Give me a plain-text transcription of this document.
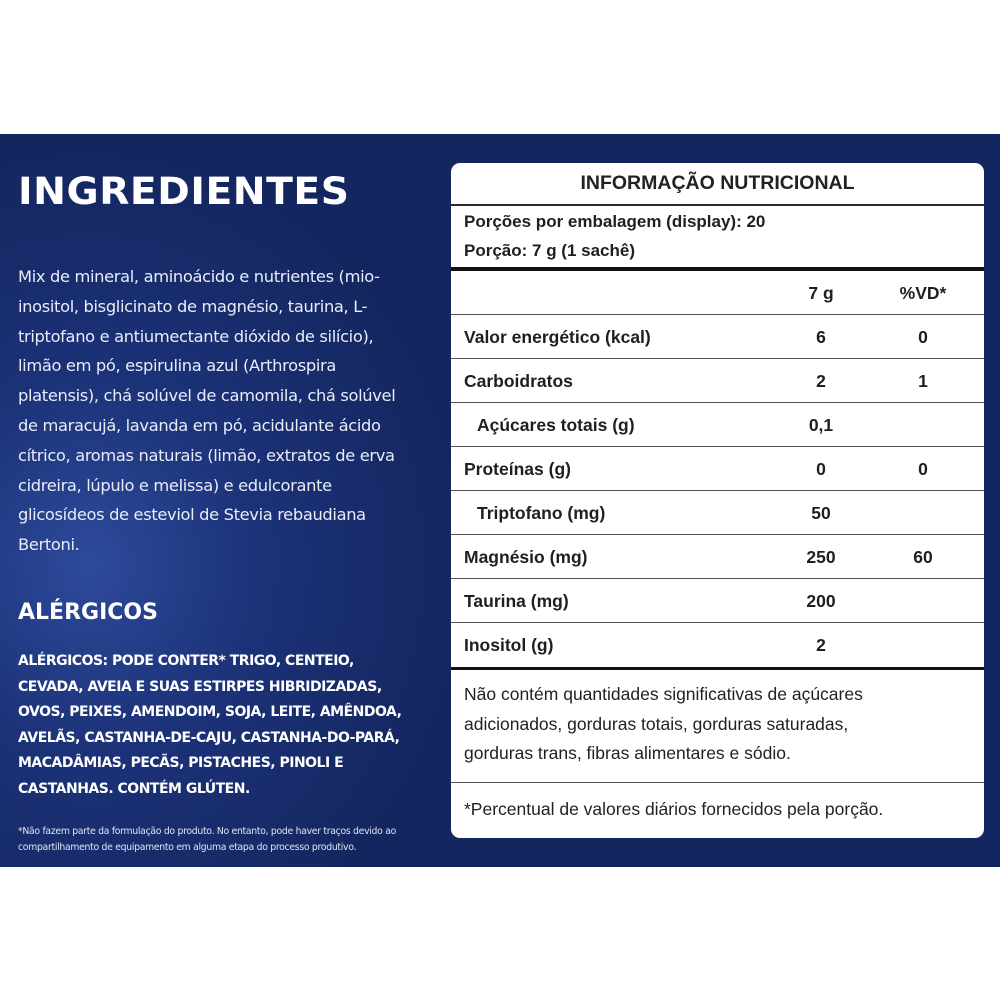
INGREDIENTES
Mix de mineral, aminoácido e nutrientes (mio-
inositol, bisglicinato de magnésio, taurina, L-
triptofano e antiumectante dióxido de silício),
limão em pó, espirulina azul (Arthrospira
platensis), chá solúvel de camomila, chá solúvel
de maracujá, lavanda em pó, acidulante ácido
cítrico, aromas naturais (limão, extratos de erva
cidreira, lúpulo e melissa) e edulcorante
glicosídeos de esteviol de Stevia rebaudiana
Bertoni.
ALÉRGICOS
ALÉRGICOS: PODE CONTER* TRIGO, CENTEIO,
CEVADA, AVEIA E SUAS ESTIRPES HIBRIDIZADAS,
OVOS, PEIXES, AMENDOIM, SOJA, LEITE, AMÊNDOA,
AVELÃS, CASTANHA-DE-CAJU, CASTANHA-DO-PARÁ,
MACADÂMIAS, PECÃS, PISTACHES, PINOLI E
CASTANHAS. CONTÉM GLÚTEN.
*Não fazem parte da formulação do produto. No entanto, pode haver traços devido ao
compartilhamento de equipamento em alguma etapa do processo produtivo.
INFORMAÇÃO NUTRICIONAL
Porções por embalagem (display): 20
Porção: 7 g (1 sachê)
7 g	%VD*
Valor energético (kcal)	6	0
Carboidratos	2	1
Açúcares totais (g)	0,1
Proteínas (g)	0	0
Triptofano (mg)	50
Magnésio (mg)	250	60
Taurina (mg)	200
Inositol (g)	2
Não contém quantidades significativas de açúcares
adicionados, gorduras totais, gorduras saturadas,
gorduras trans, fibras alimentares e sódio.
*Percentual de valores diários fornecidos pela porção.
